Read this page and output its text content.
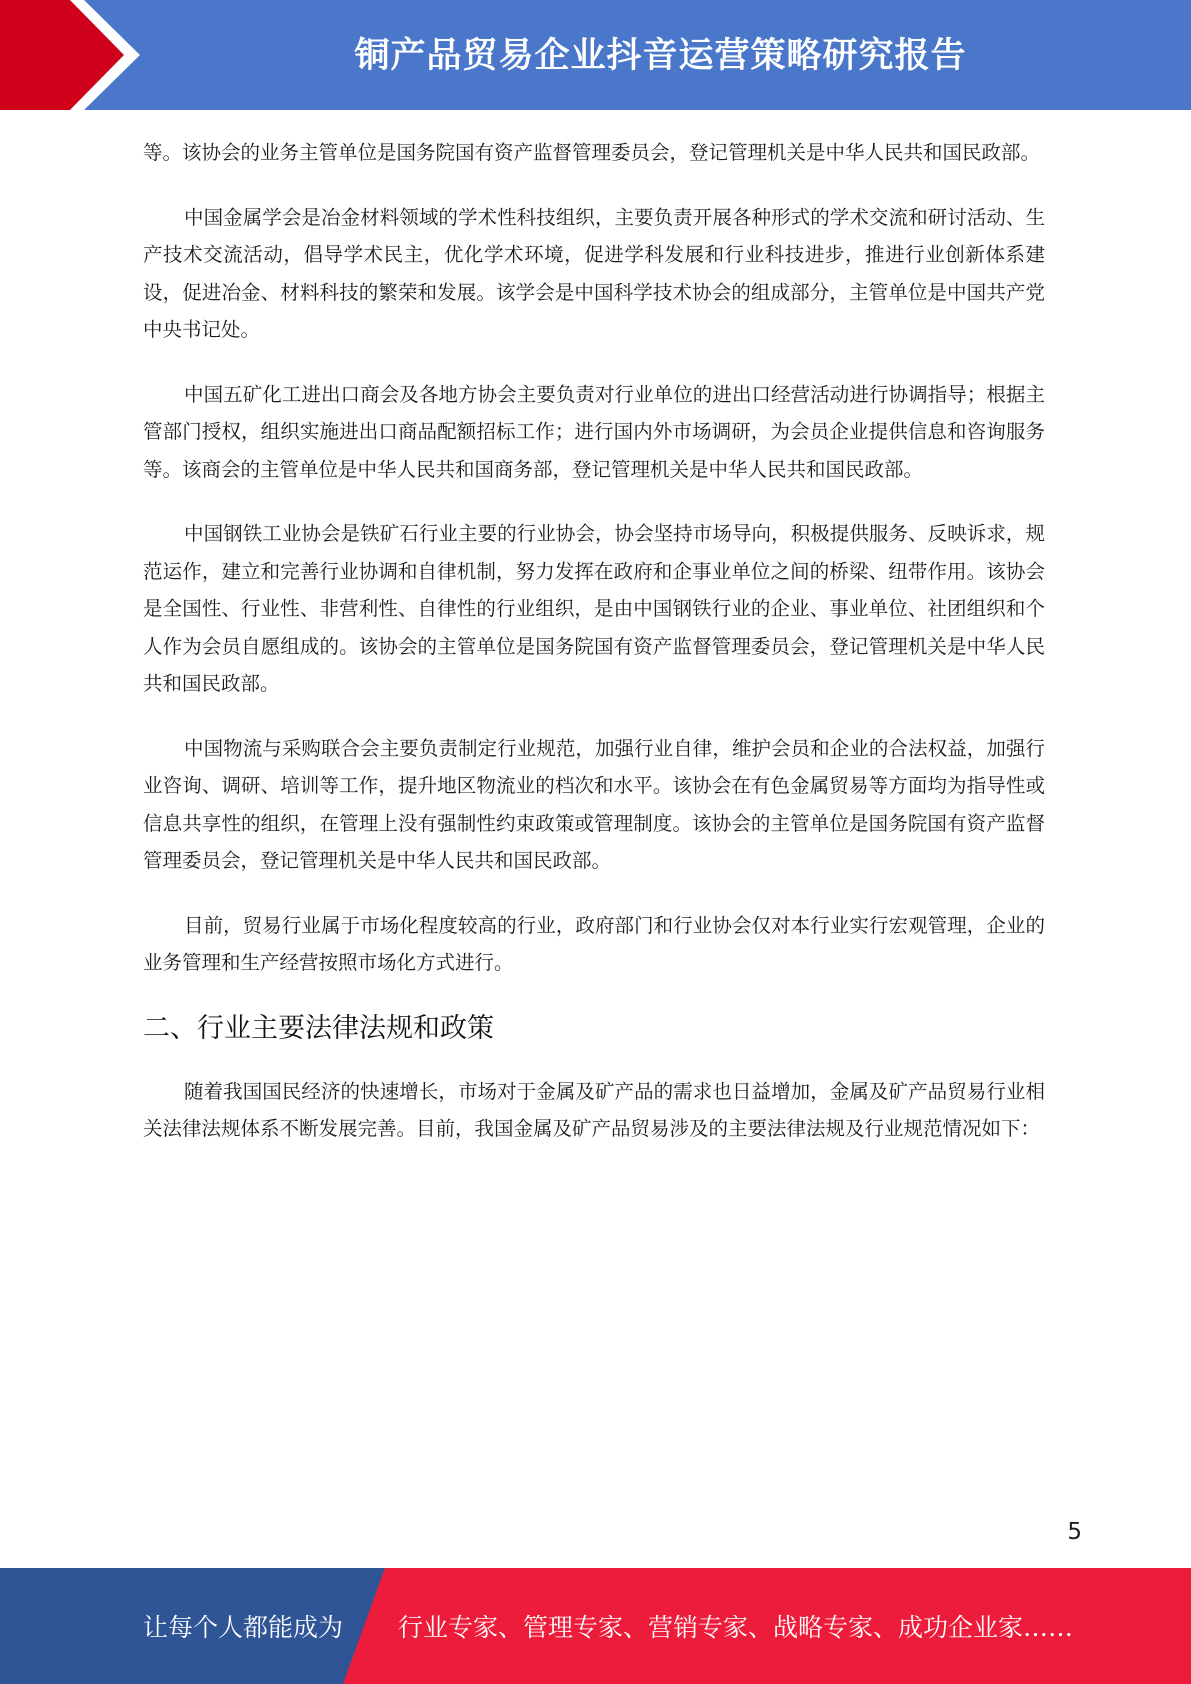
铜产品贸易企业抖音运营策略研究报告

等。该协会的业务主管单位是国务院国有资产监督管理委员会，登记管理机关是中华人民共和国民政部。

中国金属学会是冶金材料领域的学术性科技组织，主要负责开展各种形式的学术交流和研讨活动、生产技术交流活动，倡导学术民主，优化学术环境，促进学科发展和行业科技进步，推进行业创新体系建设，促进冶金、材料科技的繁荣和发展。该学会是中国科学技术协会的组成部分，主管单位是中国共产党中央书记处。

中国五矿化工进出口商会及各地方协会主要负责对行业单位的进出口经营活动进行协调指导；根据主管部门授权，组织实施进出口商品配额招标工作；进行国内外市场调研，为会员企业提供信息和咨询服务等。该商会的主管单位是中华人民共和国商务部，登记管理机关是中华人民共和国民政部。

中国钢铁工业协会是铁矿石行业主要的行业协会，协会坚持市场导向，积极提供服务、反映诉求，规范运作，建立和完善行业协调和自律机制，努力发挥在政府和企事业单位之间的桥梁、纽带作用。该协会是全国性、行业性、非营利性、自律性的行业组织，是由中国钢铁行业的企业、事业单位、社团组织和个人作为会员自愿组成的。该协会的主管单位是国务院国有资产监督管理委员会，登记管理机关是中华人民共和国民政部。

中国物流与采购联合会主要负责制定行业规范，加强行业自律，维护会员和企业的合法权益，加强行业咨询、调研、培训等工作，提升地区物流业的档次和水平。该协会在有色金属贸易等方面均为指导性或信息共享性的组织，在管理上没有强制性约束政策或管理制度。该协会的主管单位是国务院国有资产监督管理委员会，登记管理机关是中华人民共和国民政部。

目前，贸易行业属于市场化程度较高的行业，政府部门和行业协会仅对本行业实行宏观管理，企业的业务管理和生产经营按照市场化方式进行。

二、行业主要法律法规和政策

随着我国国民经济的快速增长，市场对于金属及矿产品的需求也日益增加，金属及矿产品贸易行业相关法律法规体系不断发展完善。目前，我国金属及矿产品贸易涉及的主要法律法规及行业规范情况如下：

5
让每个人都能成为 行业专家、管理专家、营销专家、战略专家、成功企业家……
